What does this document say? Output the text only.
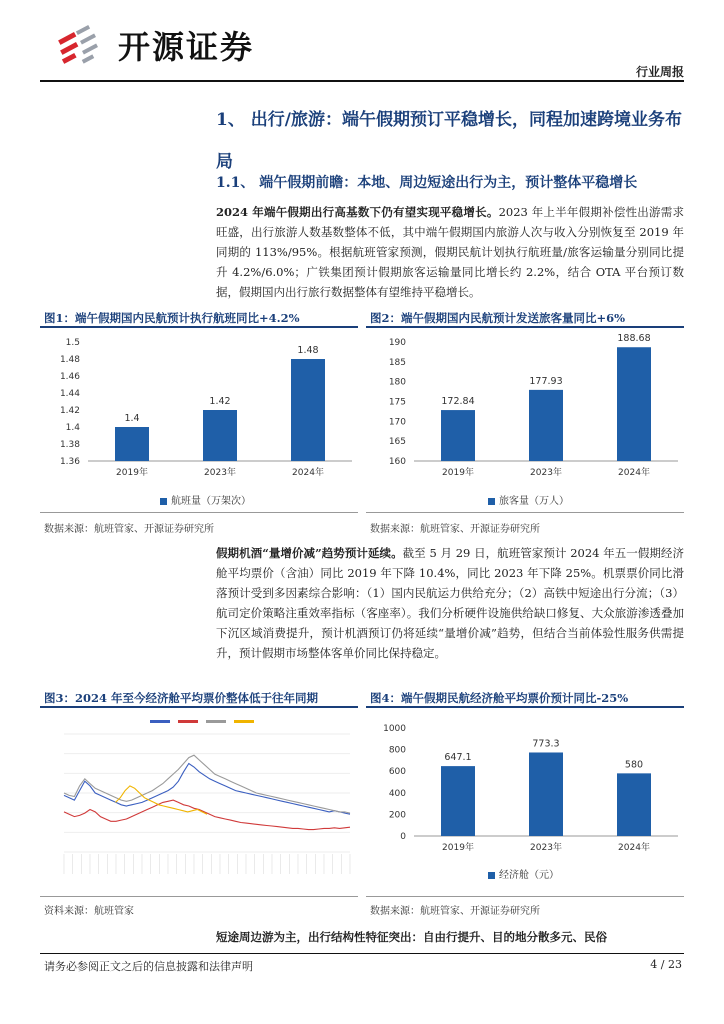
开源证券
行业周报
1、 出行/旅游：端午假期预订平稳增长，同程加速跨境业务布局
1.1、 端午假期前瞻：本地、周边短途出行为主，预计整体平稳增长
2024 年端午假期出行高基数下仍有望实现平稳增长。2023 年上半年假期补偿性出游需求旺盛，出行旅游人数基数整体不低，其中端午假期国内旅游人次与收入分别恢复至 2019 年同期的 113%/95%。根据航班管家预测，假期民航计划执行航班量/旅客运输量分别同比提升 4.2%/6.0%；广铁集团预计假期旅客运输量同比增长约 2.2%，结合 OTA 平台预订数据，假期国内出行旅行数据整体有望维持平稳增长。
图1：端午假期国内民航预计执行航班同比+4.2%
1.5
1.48
1.46
1.44
1.42
1.4
1.38
1.36
1.4
2019年
1.42
2023年
1.48
2024年
航班量（万架次）
数据来源：航班管家、开源证券研究所
图2：端午假期国内民航预计发送旅客量同比+6%
190
185
180
175
170
165
160
172.84
2019年
177.93
2023年
188.68
2024年
旅客量（万人）
数据来源：航班管家、开源证券研究所
假期机酒“量增价减”趋势预计延续。截至 5 月 29 日，航班管家预计 2024 年五一假期经济舱平均票价（含油）同比 2019 年下降 10.4%，同比 2023 年下降 25%。机票票价同比滑落预计受到多因素综合影响：（1）国内民航运力供给充分；（2）高铁中短途出行分流；（3）航司定价策略注重效率指标（客座率）。我们分析硬件设施供给缺口修复、大众旅游渗透叠加下沉区域消费提升，预计机酒预订仍将延续“量增价减”趋势，但结合当前体验性服务供需提升，预计假期市场整体客单价同比保持稳定。
图3：2024 年至今经济舱平均票价整体低于往年同期
资料来源：航班管家
图4：端午假期民航经济舱平均票价预计同比-25%
1000
800
600
400
200
0
647.1
2019年
773.3
2023年
580
2024年
经济舱（元）
数据来源：航班管家、开源证券研究所
短途周边游为主，出行结构性特征突出：自由行提升、目的地分散多元、民俗
请务必参阅正文之后的信息披露和法律声明	4 / 23
